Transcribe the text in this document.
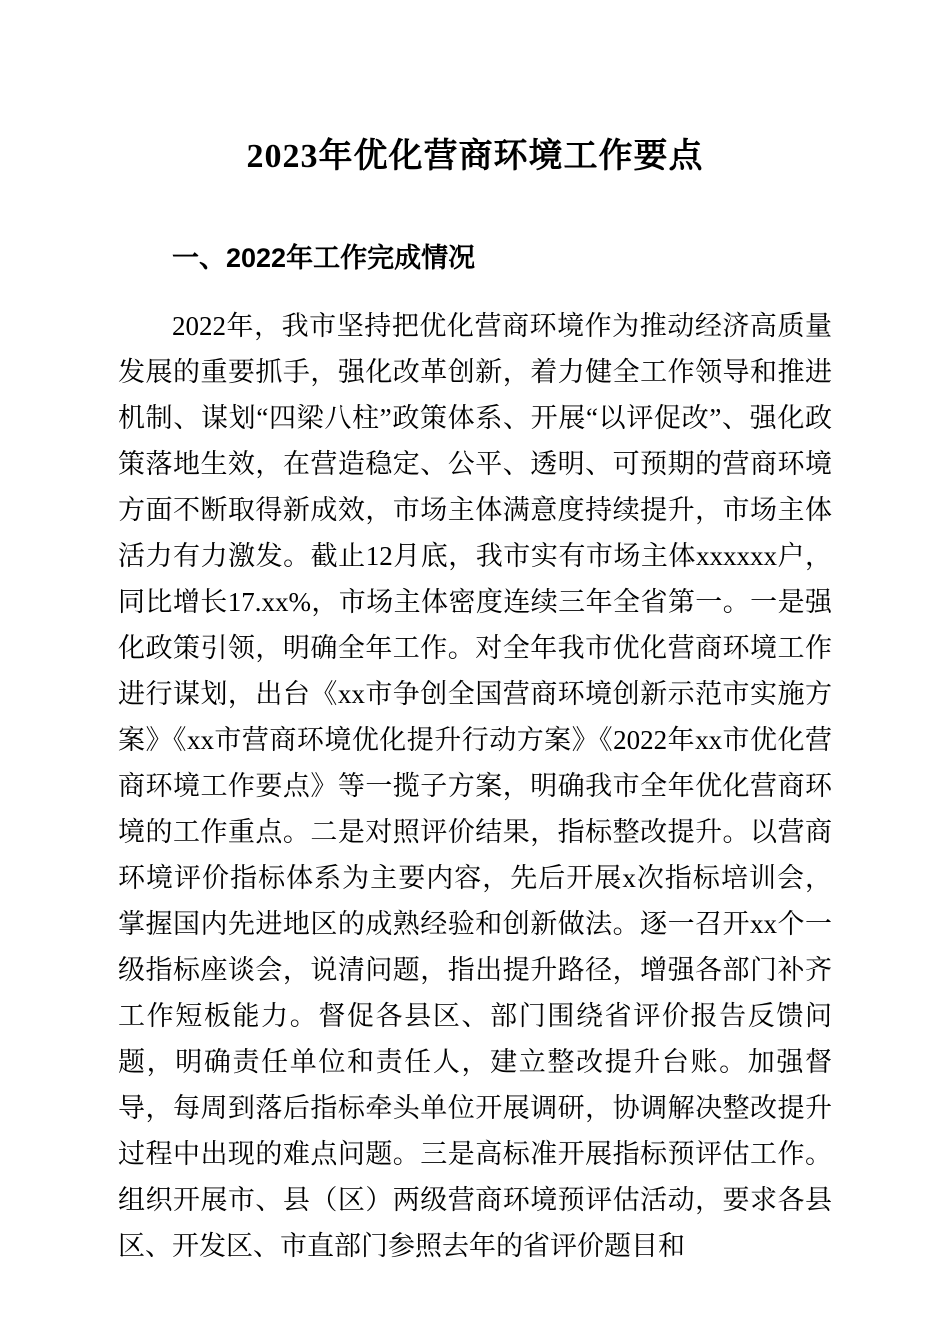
2023年优化营商环境工作要点
一、2022年工作完成情况

2022年，我市坚持把优化营商环境作为推动经济高质量发展的重要抓手，强化改革创新，着力健全工作领导和推进机制、谋划“四梁八柱”政策体系、开展“以评促改”、强化政策落地生效，在营造稳定、公平、透明、可预期的营商环境方面不断取得新成效，市场主体满意度持续提升，市场主体活力有力激发。截止12月底，我市实有市场主体xxxxxx户，同比增长17.xx%，市场主体密度连续三年全省第一。一是强化政策引领，明确全年工作。对全年我市优化营商环境工作进行谋划，出台《xx市争创全国营商环境创新示范市实施方案》《xx市营商环境优化提升行动方案》《2022年xx市优化营商环境工作要点》等一揽子方案，明确我市全年优化营商环境的工作重点。二是对照评价结果，指标整改提升。以营商环境评价指标体系为主要内容，先后开展x次指标培训会，掌握国内先进地区的成熟经验和创新做法。逐一召开xx个一级指标座谈会，说清问题，指出提升路径，增强各部门补齐工作短板能力。督促各县区、部门围绕省评价报告反馈问题，明确责任单位和责任人，建立整改提升台账。加强督导，每周到落后指标牵头单位开展调研，协调解决整改提升过程中出现的难点问题。三是高标准开展指标预评估工作。组织开展市、县（区）两级营商环境预评估活动，要求各县区、开发区、市直部门参照去年的省评价题目和
